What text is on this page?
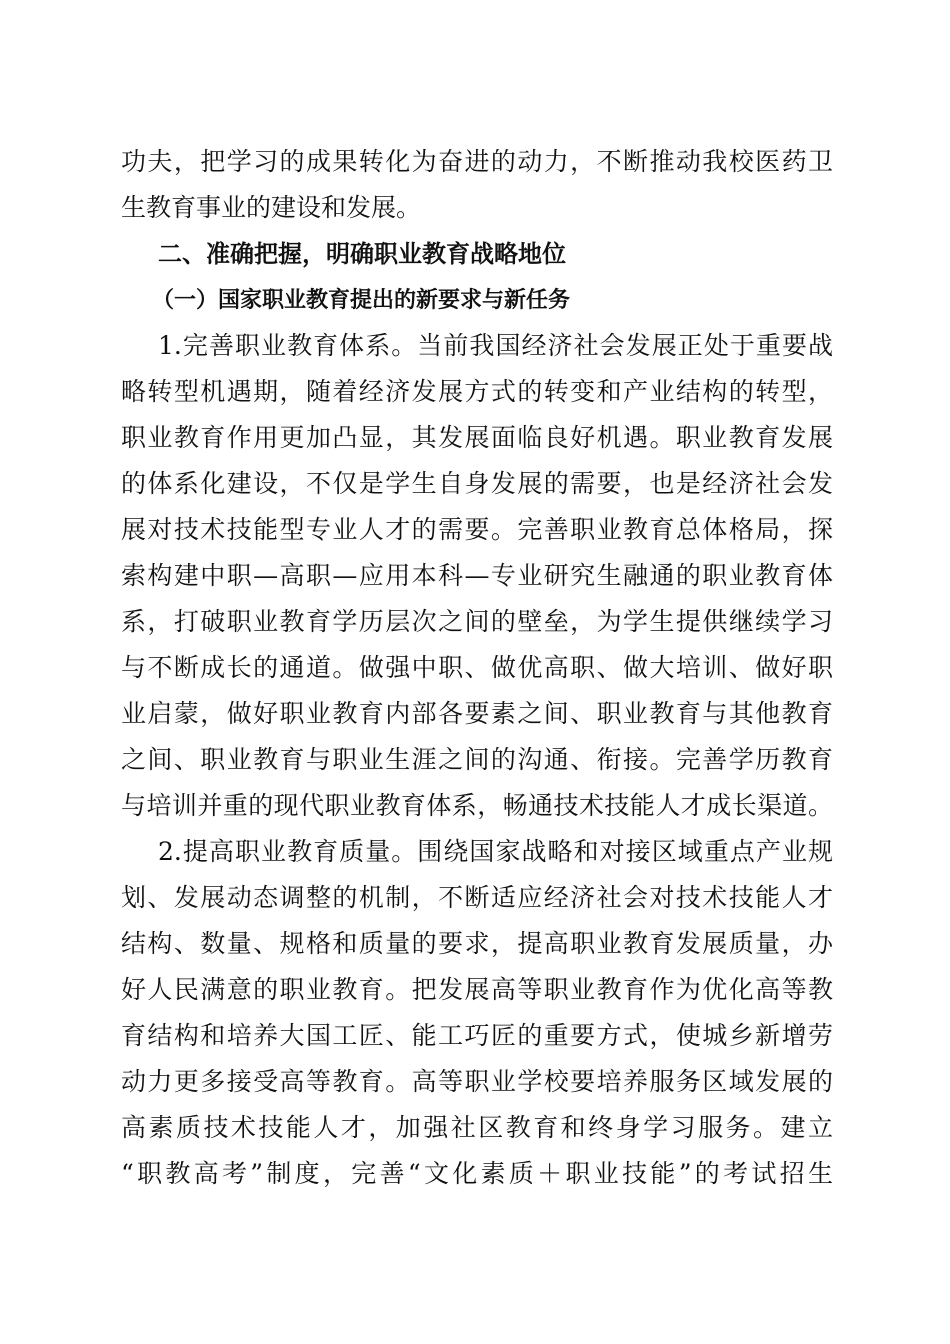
功夫，把学习的成果转化为奋进的动力，不断推动我校医药卫
生教育事业的建设和发展。
二、准确把握，明确职业教育战略地位
（一）国家职业教育提出的新要求与新任务
1.完善职业教育体系。当前我国经济社会发展正处于重要战
略转型机遇期，随着经济发展方式的转变和产业结构的转型，
职业教育作用更加凸显，其发展面临良好机遇。职业教育发展
的体系化建设，不仅是学生自身发展的需要，也是经济社会发
展对技术技能型专业人才的需要。完善职业教育总体格局，探
索构建中职—高职—应用本科—专业研究生融通的职业教育体
系，打破职业教育学历层次之间的壁垒，为学生提供继续学习
与不断成长的通道。做强中职、做优高职、做大培训、做好职
业启蒙，做好职业教育内部各要素之间、职业教育与其他教育
之间、职业教育与职业生涯之间的沟通、衔接。完善学历教育
与培训并重的现代职业教育体系，畅通技术技能人才成长渠道。
2.提高职业教育质量。围绕国家战略和对接区域重点产业规
划、发展动态调整的机制，不断适应经济社会对技术技能人才
结构、数量、规格和质量的要求，提高职业教育发展质量，办
好人民满意的职业教育。把发展高等职业教育作为优化高等教
育结构和培养大国工匠、能工巧匠的重要方式，使城乡新增劳
动力更多接受高等教育。高等职业学校要培养服务区域发展的
高素质技术技能人才，加强社区教育和终身学习服务。建立
“职教高考”制度，完善“文化素质＋职业技能”的考试招生
